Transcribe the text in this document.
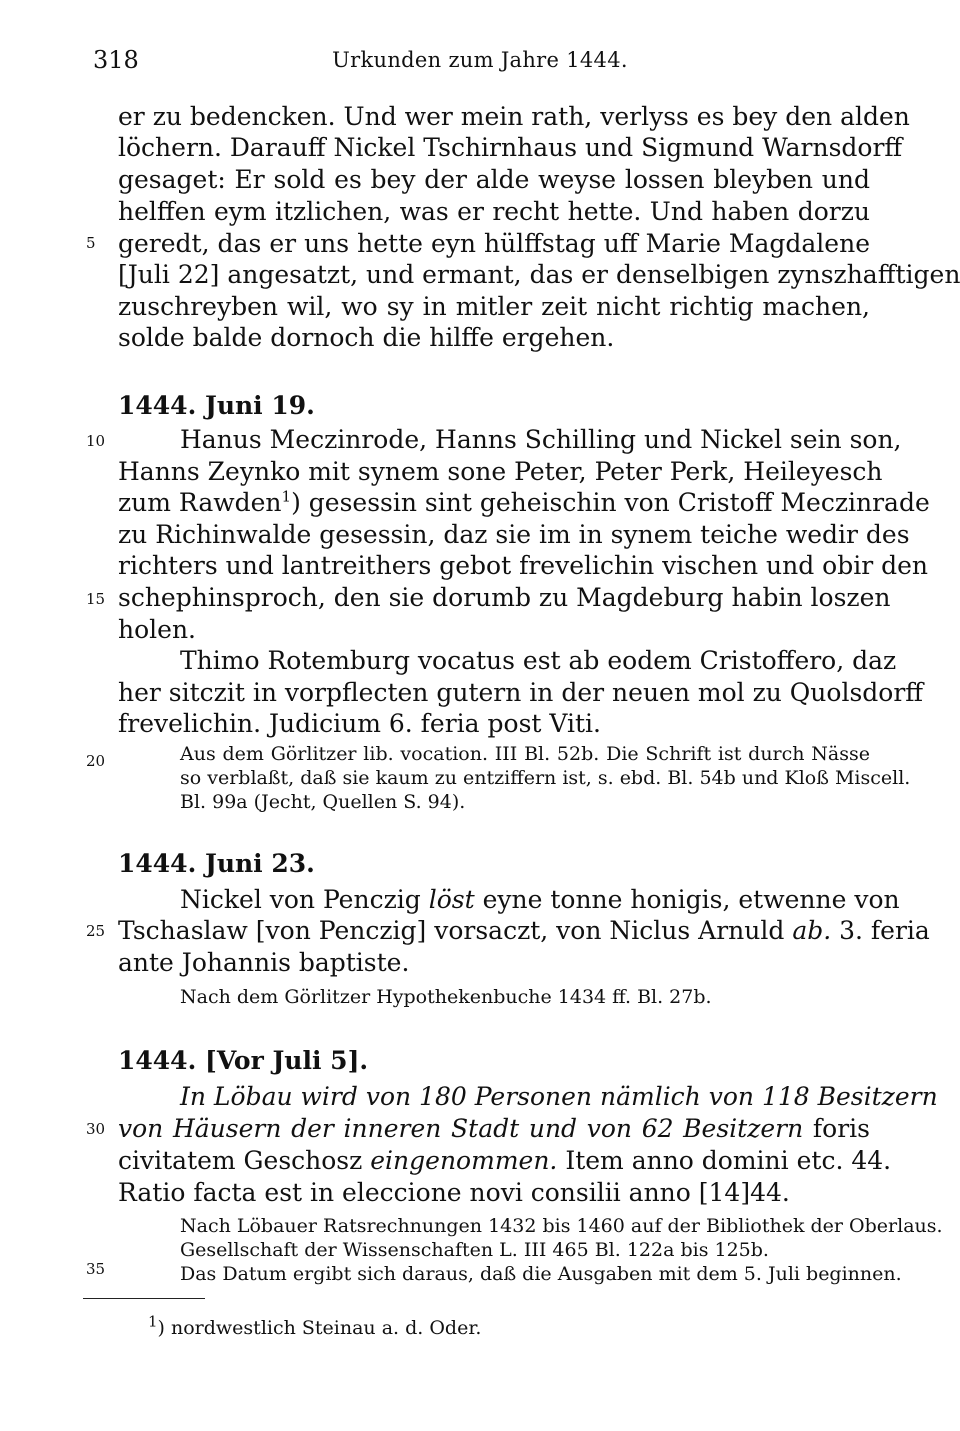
318	Urkunden zum Jahre 1444.
er zu bedencken. Und wer mein rath, verlyss es bey den alden
löchern. Darauff Nickel Tschirnhaus und Sigmund Warnsdorff
gesaget: Er sold es bey der alde weyse lossen bleyben und
helffen eym itzlichen, was er recht hette. Und haben dorzu
5 geredt, das er uns hette eyn hülffstag uff Marie Magdalene
[Juli 22] angesatzt, und ermant, das er denselbigen zynszhafftigen
zuschreyben wil, wo sy in mitler zeit nicht richtig machen,
solde balde dornoch die hilffe ergehen.
1444. Juni 19.
10	Hanus Meczinrode, Hanns Schilling und Nickel sein son,
Hanns Zeynko mit synem sone Peter, Peter Perk, Heileyesch
zum Rawden$^1$) gesessin sint geheischin von Cristoff Meczinrade
zu Richinwalde gesessin, daz sie im in synem teiche wedir des
richters und lantreithers gebot frevelichin vischen und obir den
15 schephinsproch, den sie dorumb zu Magdeburg habin loszen
holen.
Thimo Rotemburg vocatus est ab eodem Cristoffero, daz
her sitczit in vorpflecten gutern in der neuen mol zu Quolsdorff
frevelichin. Judicium 6. feria post Viti.
20	Aus dem Görlitzer lib. vocation. III Bl. 52b. Die Schrift ist durch Nässe
so verblaßt, daß sie kaum zu entziffern ist, s. ebd. Bl. 54b und Kloß Miscell.
Bl. 99a (Jecht, Quellen S. 94).
1444. Juni 23.
Nickel von Penczig löst eyne tonne honigis, etwenne von
25 Tschaslaw [von Penczig] vorsaczt, von Niclus Arnuld ab. 3. feria
ante Johannis baptiste.
Nach dem Görlitzer Hypothekenbuche 1434 ff. Bl. 27b.
1444. [Vor Juli 5].
In Löbau wird von 180 Personen nämlich von 118 Besitzern
30 von Häusern der inneren Stadt und von 62 Besitzern foris
civitatem Geschosz eingenommen. Item anno domini etc. 44.
Ratio facta est in eleccione novi consilii anno [14]44.
Nach Löbauer Ratsrechnungen 1432 bis 1460 auf der Bibliothek der Oberlaus.
Gesellschaft der Wissenschaften L. III 465 Bl. 122a bis 125b.
35	Das Datum ergibt sich daraus, daß die Ausgaben mit dem 5. Juli beginnen.
$^1$) nordwestlich Steinau a. d. Oder.
